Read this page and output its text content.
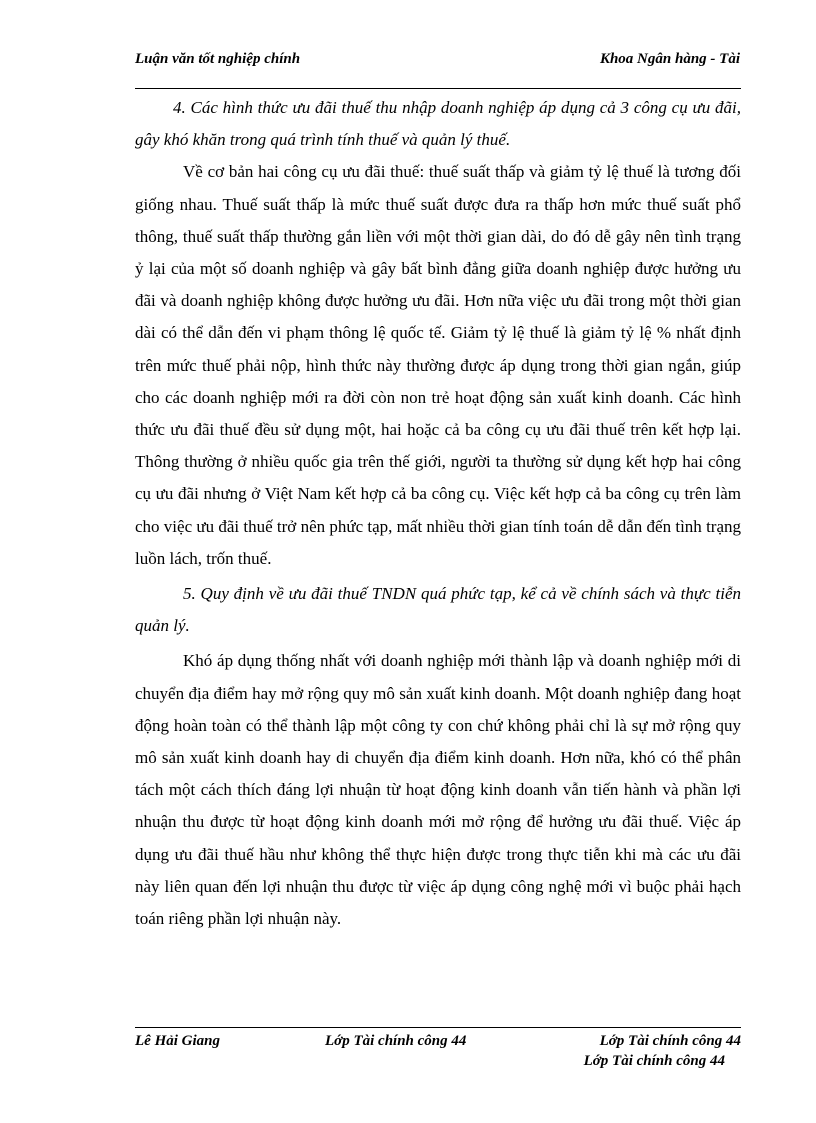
Luận văn tốt nghiệp chính	Khoa Ngân hàng - Tài

4. Các hình thức ưu đãi thuế thu nhập doanh nghiệp áp dụng cả 3 công cụ ưu đãi, gây khó khăn trong quá trình tính thuế và quản lý thuế.

Về cơ bản hai công cụ ưu đãi thuế: thuế suất thấp và giảm tỷ lệ thuế là tương đối giống nhau. Thuế suất thấp là mức thuế suất được đưa ra thấp hơn mức thuế suất phổ thông, thuế suất thấp thường gắn liền với một thời gian dài, do đó dễ gây nên tình trạng ỷ lại của một số doanh nghiệp và gây bất bình đẳng giữa doanh nghiệp được hưởng ưu đãi và doanh nghiệp không được hưởng ưu đãi. Hơn nữa việc ưu đãi trong một thời gian dài có thể dẫn đến vi phạm thông lệ quốc tế. Giảm tỷ lệ thuế là giảm tỷ lệ % nhất định trên mức thuế phải nộp, hình thức này thường được áp dụng trong thời gian ngắn, giúp cho các doanh nghiệp mới ra đời còn non trẻ hoạt động sản xuất kinh doanh. Các hình thức ưu đãi thuế đều sử dụng một, hai hoặc cả ba công cụ ưu đãi thuế trên kết hợp lại. Thông thường ở nhiều quốc gia trên thế giới, người ta thường sử dụng kết hợp hai công cụ ưu đãi nhưng ở Việt Nam kết hợp cả ba công cụ. Việc kết hợp cả ba công cụ trên làm cho việc ưu đãi thuế trở nên phức tạp, mất nhiều thời gian tính toán dễ dẫn đến tình trạng luồn lách, trốn thuế.

5. Quy định về ưu đãi thuế TNDN quá phức tạp, kể cả về chính sách và thực tiễn quản lý.

Khó áp dụng thống nhất với doanh nghiệp mới thành lập và doanh nghiệp mới di chuyển địa điểm hay mở rộng quy mô sản xuất kinh doanh. Một doanh nghiệp đang hoạt động hoàn toàn có thể thành lập một công ty con chứ không phải chỉ là sự mở rộng quy mô sản xuất kinh doanh hay di chuyển địa điểm kinh doanh. Hơn nữa, khó có thể phân tách một cách thích đáng lợi nhuận từ hoạt động kinh doanh vẫn tiến hành và phần lợi nhuận thu được từ hoạt động kinh doanh mới mở rộng để hưởng ưu đãi thuế. Việc áp dụng ưu đãi thuế hầu như không thể thực hiện được trong thực tiễn khi mà các ưu đãi này liên quan đến lợi nhuận thu được từ việc áp dụng công nghệ mới vì buộc phải hạch toán riêng phần lợi nhuận này.

Lê Hải Giang	Lớp Tài chính công 44	Lớp Tài chính công 44
Lớp Tài chính công 44
